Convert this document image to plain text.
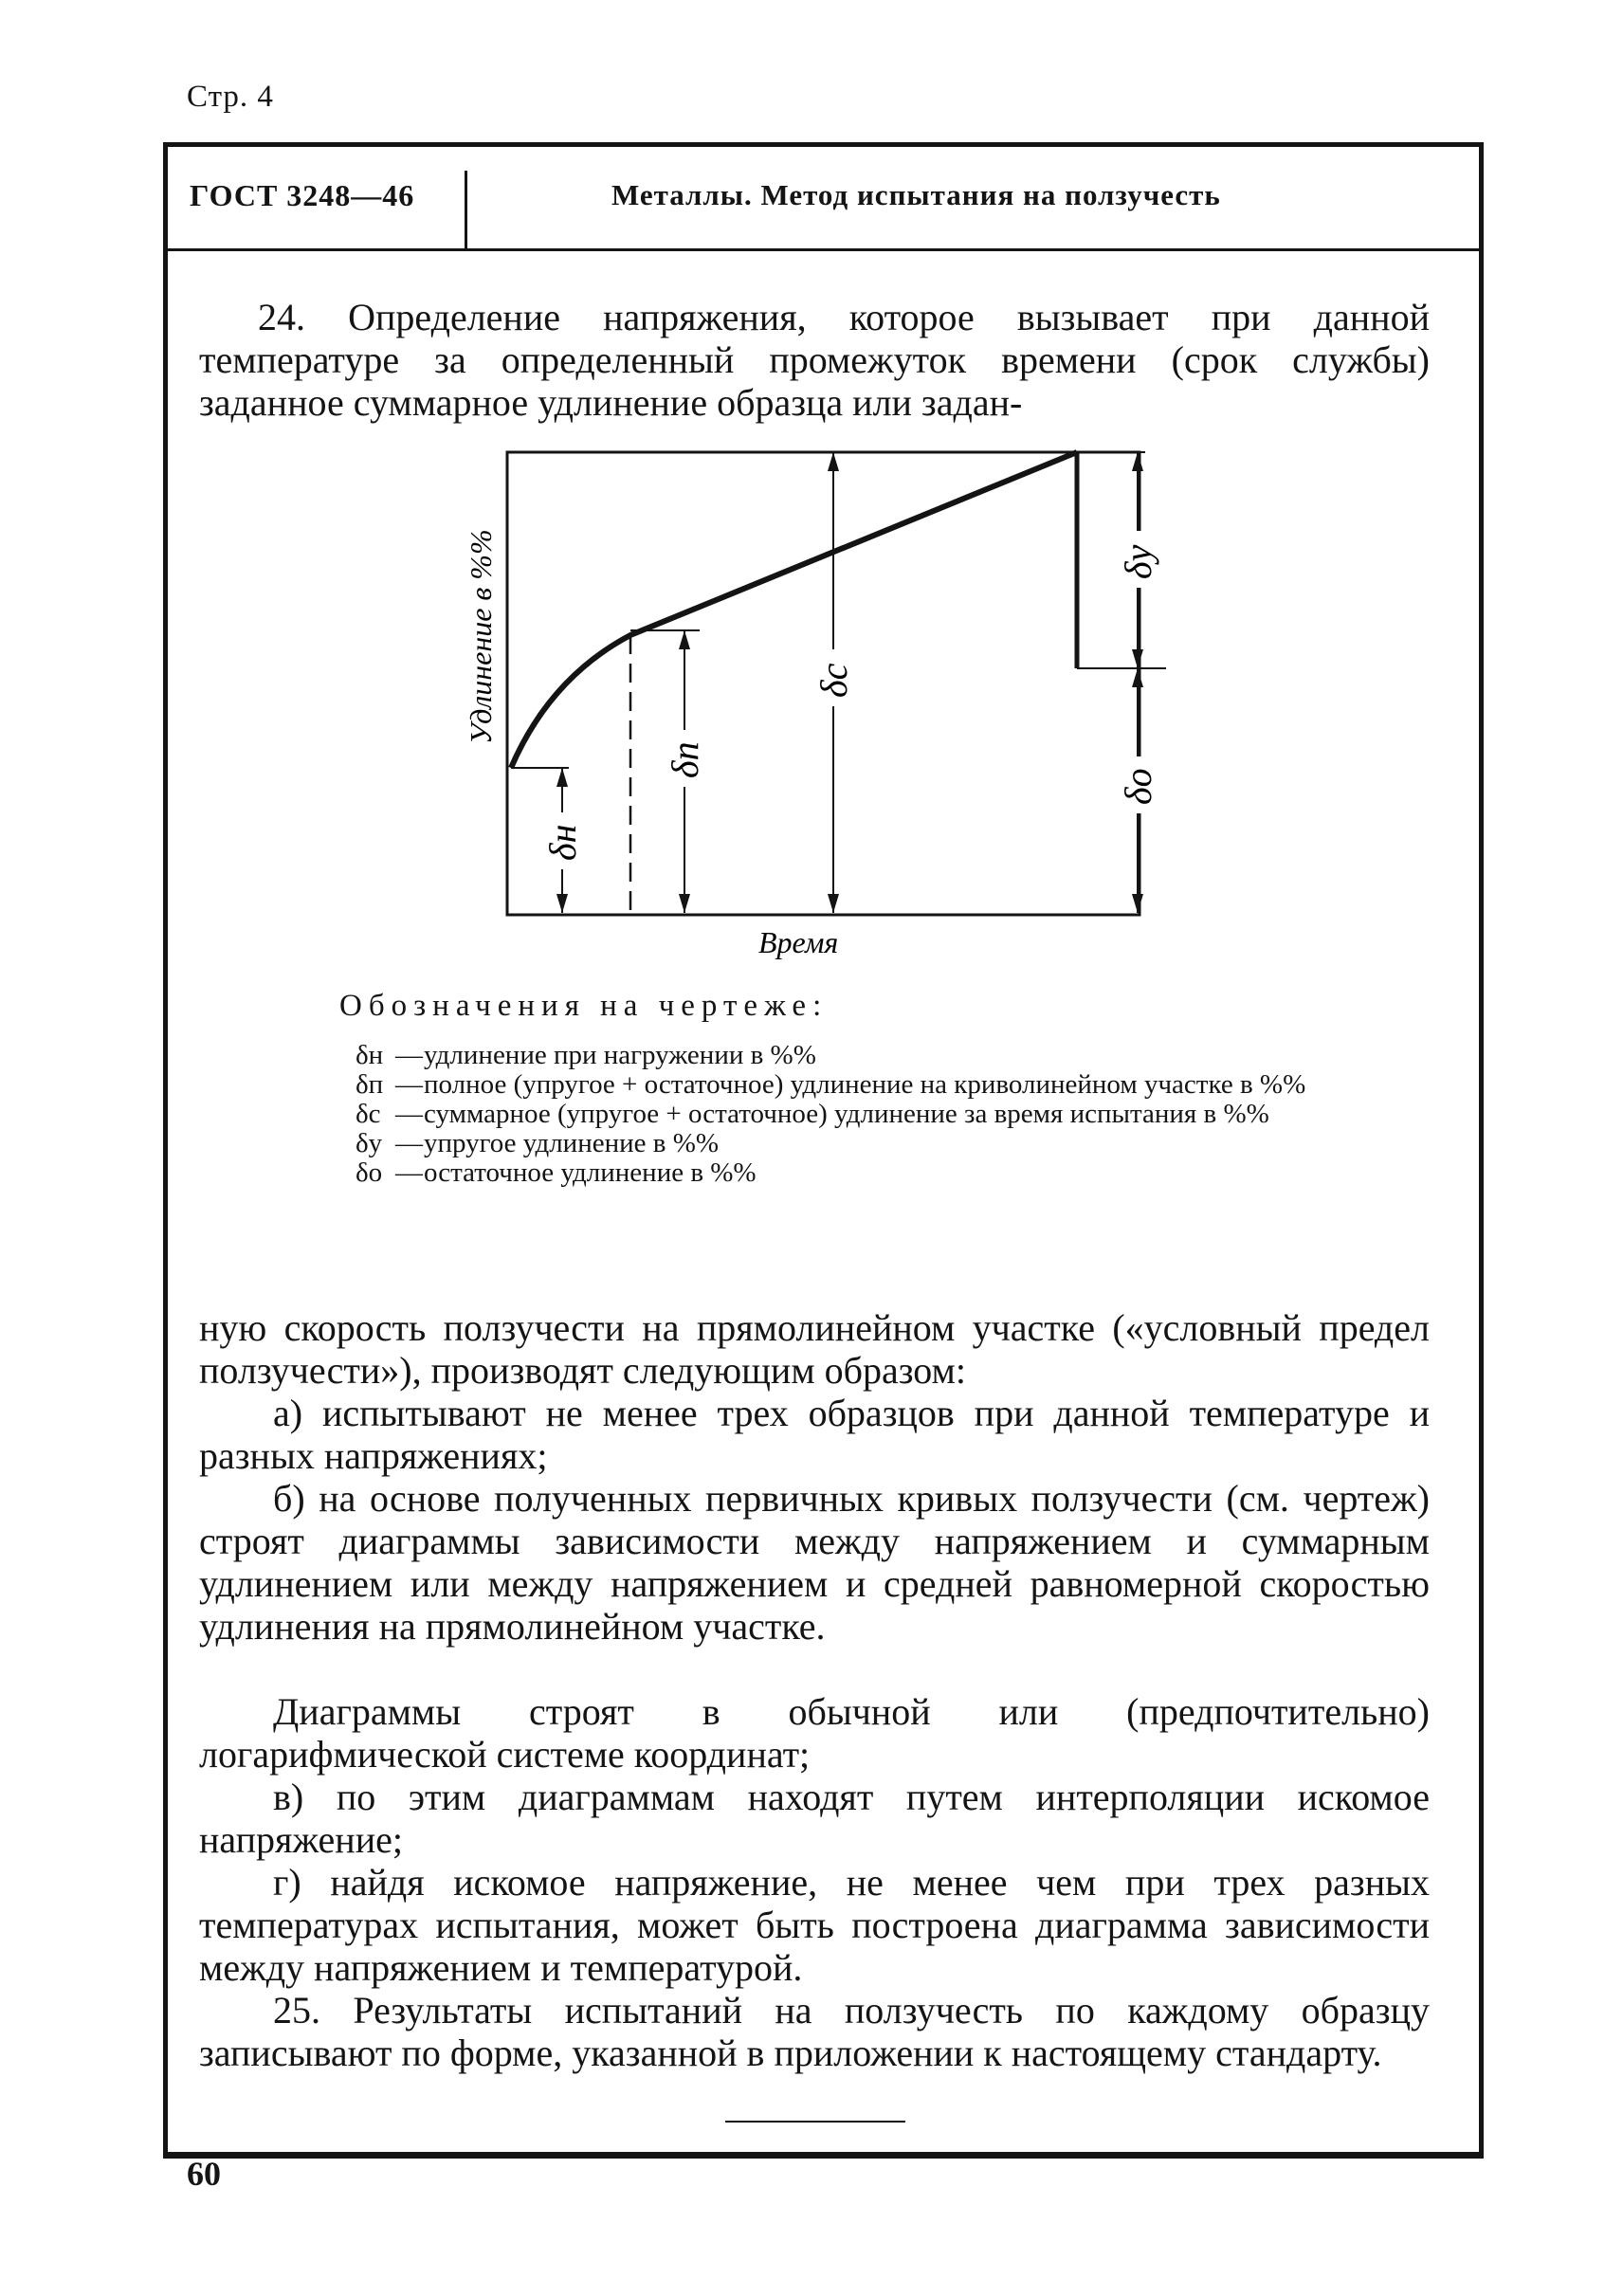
Стр. 4
ГОСТ 3248—46	Металлы. Метод испытания на ползучесть

24. Определение напряжения, которое вызывает при данной температуре за определенный промежуток времени (срок службы) заданное суммарное удлинение образца или задан-

δн
δп
δс
δу
δо
Удлинение в %%
Время
Обозначения на чертеже:
δн — удлинение при нагружении в %%
δп — полное (упругое + остаточное) удлинение на криволинейном участке в %%
δс — суммарное (упругое + остаточное) удлинение за время испытания в %%
δу — упругое удлинение в %%
δо — остаточное удлинение в %%

ную скорость ползучести на прямолинейном участке («условный предел ползучести»), производят следующим образом:

а) испытывают не менее трех образцов при данной температуре и разных напряжениях;

б) на основе полученных первичных кривых ползучести (см. чертеж) строят диаграммы зависимости между напряжением и суммарным удлинением или между напряжением и средней равномерной скоростью удлинения на прямолинейном участке.

Диаграммы строят в обычной или (предпочтительно) логарифмической системе координат;

в) по этим диаграммам находят путем интерполяции искомое напряжение;

г) найдя искомое напряжение, не менее чем при трех разных температурах испытания, может быть построена диаграмма зависимости между напряжением и температурой.

25. Результаты испытаний на ползучесть по каждому образцу записывают по форме, указанной в приложении к настоящему стандарту.

60
